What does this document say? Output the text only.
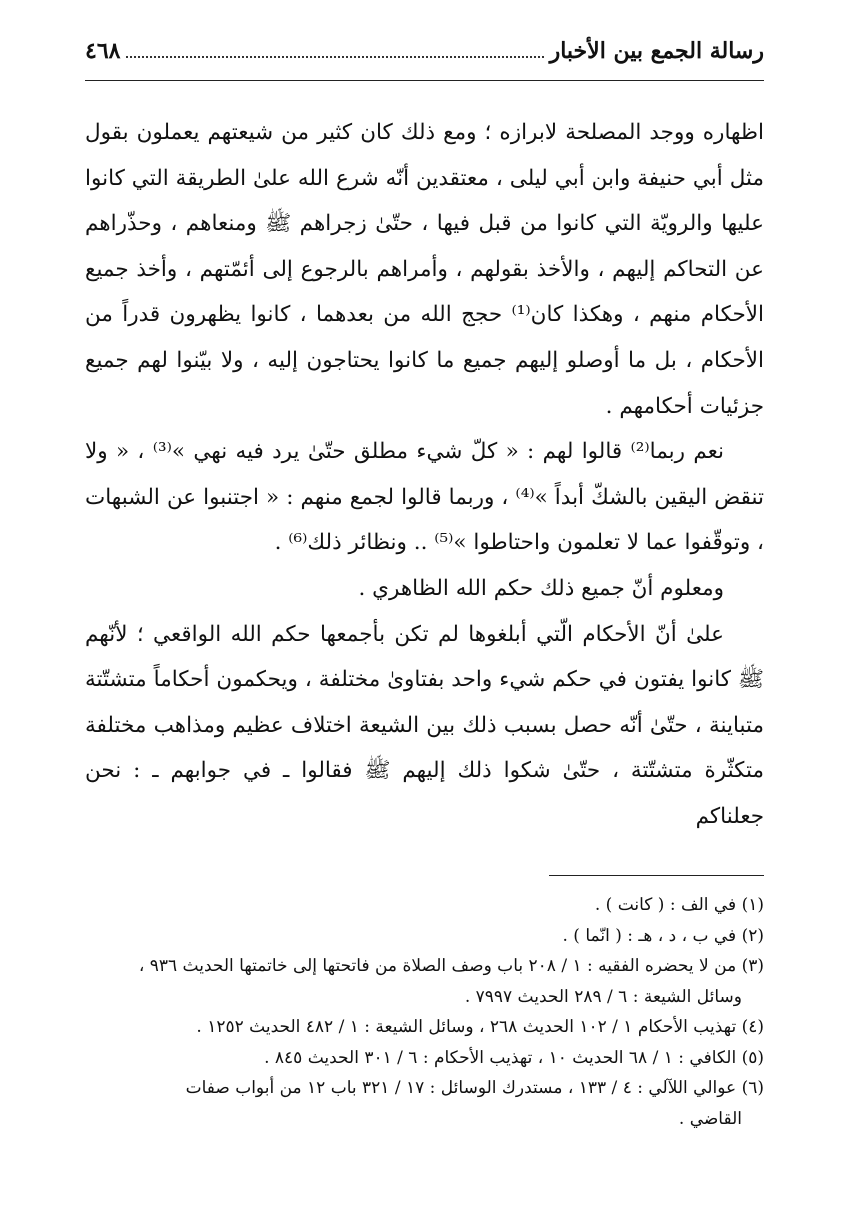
رسالة الجمع بين الأخبار
٤٦٨

اظهاره ووجد المصلحة لابرازه ؛ ومع ذلك كان كثير من شيعتهم يعملون بقول مثل أبي حنيفة وابن أبي ليلى ، معتقدين أنّه شرع الله علىٰ الطريقة التي كانوا عليها والرويّة التي كانوا من قبل فيها ، حتّىٰ زجراهم ﷺ ومنعاهم ، وحذّراهم عن التحاكم إليهم ، والأخذ بقولهم ، وأمراهم بالرجوع إلى أئمّتهم ، وأخذ جميع الأحكام منهم ، وهكذا كان⁽¹⁾ حجج الله من بعدهما ، كانوا يظهرون قدراً من الأحكام ، بل ما أوصلو إليهم جميع ما كانوا يحتاجون إليه ، ولا بيّنوا لهم جميع جزئيات أحكامهم .

نعم ربما⁽²⁾ قالوا لهم : « كلّ شيء مطلق حتّىٰ يرد فيه نهي »⁽³⁾ ، « ولا تنقض اليقين بالشكّ أبداً »⁽⁴⁾ ، وربما قالوا لجمع منهم : « اجتنبوا عن الشبهات ، وتوقّفوا عما لا تعلمون واحتاطوا »⁽⁵⁾ .. ونظائر ذلك⁽⁶⁾ .

ومعلوم أنّ جميع ذلك حكم الله الظاهري .

علىٰ أنّ الأحكام الّتي أبلغوها لم تكن بأجمعها حكم الله الواقعي ؛ لأنّهم ﷺ كانوا يفتون في حكم شيء واحد بفتاوىٰ مختلفة ، ويحكمون أحكاماً متشتّتة متباينة ، حتّىٰ أنّه حصل بسبب ذلك بين الشيعة اختلاف عظيم ومذاهب مختلفة متكثّرة متشتّتة ، حتّىٰ شكوا ذلك إليهم ﷺ فقالوا ـ في جوابهم ـ : نحن جعلناكم

(١) في الف : ( كانت ) .

(٢) في ب ، د ، هـ : ( انّما ) .

(٣) من لا يحضره الفقيه : ١ / ٢٠٨ باب وصف الصلاة من فاتحتها إلى خاتمتها الحديث ٩٣٦ ،

وسائل الشيعة : ٦ / ٢٨٩ الحديث ٧٩٩٧ .

(٤) تهذيب الأحكام ١ / ١٠٢ الحديث ٢٦٨ ، وسائل الشيعة : ١ / ٤٨٢ الحديث ١٢٥٢ .

(٥) الكافي : ١ / ٦٨ الحديث ١٠ ، تهذيب الأحكام : ٦ / ٣٠١ الحديث ٨٤٥ .

(٦) عوالي اللآلي : ٤ / ١٣٣ ، مستدرك الوسائل : ١٧ / ٣٢١ باب ١٢ من أبواب صفات

القاضي .
